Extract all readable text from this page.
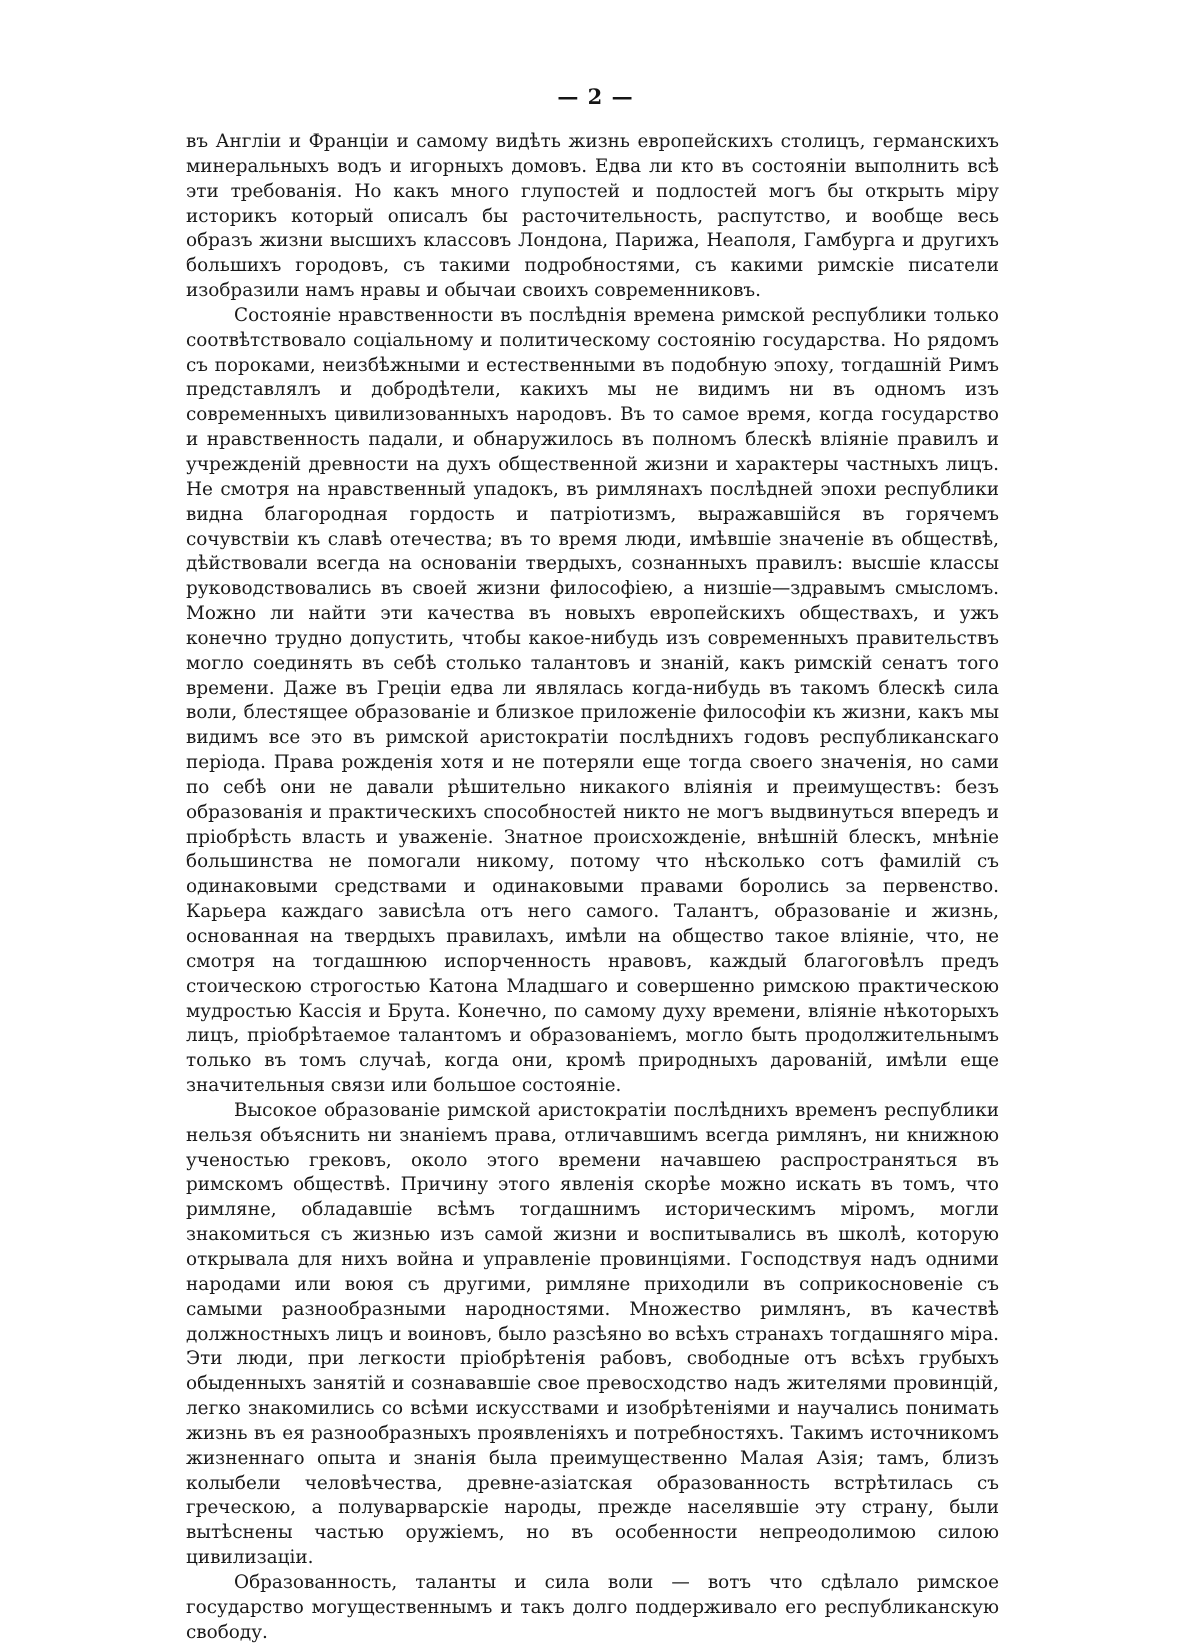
— 2 —

въ Англіи и Франціи и самому видѣть жизнь европейскихъ столицъ, германскихъ минеральныхъ водъ и игорныхъ домовъ. Едва ли кто въ состояніи выполнить всѣ эти требованія. Но какъ много глупостей и подлостей могъ бы открыть міру историкъ который описалъ бы расточительность, распутство, и вообще весь образъ жизни высшихъ классовъ Лондона, Парижа, Неаполя, Гамбурга и другихъ большихъ городовъ, съ такими подробностями, съ какими римскіе писатели изобразили намъ нравы и обычаи своихъ современниковъ.

Состояніе нравственности въ послѣднія времена римской республики только соотвѣтствовало соціальному и политическому состоянію государства. Но рядомъ съ пороками, неизбѣжными и естественными въ подобную эпоху, тогдашній Римъ представлялъ и добродѣтели, какихъ мы не видимъ ни въ одномъ изъ современныхъ цивилизованныхъ народовъ. Въ то самое время, когда государство и нравственность падали, и обнаружилось въ полномъ блескѣ вліяніе правилъ и учрежденій древности на духъ общественной жизни и характеры частныхъ лицъ. Не смотря на нравственный упадокъ, въ римлянахъ послѣдней эпохи республики видна благородная гордость и патріотизмъ, выражавшійся въ горячемъ сочувствіи къ славѣ отечества; въ то время люди, имѣвшіе значеніе въ обществѣ, дѣйствовали всегда на основаніи твердыхъ, сознанныхъ правилъ: высшіе классы руководствовались въ своей жизни философіею, а низшіе—здравымъ смысломъ. Можно ли найти эти качества въ новыхъ европейскихъ обществахъ, и ужъ конечно трудно допустить, чтобы какое-нибудь изъ современныхъ правительствъ могло соединять въ себѣ столько талантовъ и знаній, какъ римскій сенатъ того времени. Даже въ Греціи едва ли являлась когда-нибудь въ такомъ блескѣ сила воли, блестящее образованіе и близкое приложеніе философіи къ жизни, какъ мы видимъ все это въ римской аристократіи послѣднихъ годовъ республиканскаго періода. Права рожденія хотя и не потеряли еще тогда своего значенія, но сами по себѣ они не давали рѣшительно никакого вліянія и преимуществъ: безъ образованія и практическихъ способностей никто не могъ выдвинуться впередъ и пріобрѣсть власть и уваженіе. Знатное происхожденіе, внѣшній блескъ, мнѣніе большинства не помогали никому, потому что нѣсколько сотъ фамилій съ одинаковыми средствами и одинаковыми правами боролись за первенство. Карьера каждаго зависѣла отъ него самого. Талантъ, образованіе и жизнь, основанная на твердыхъ правилахъ, имѣли на общество такое вліяніе, что, не смотря на тогдашнюю испорченность нравовъ, каждый благоговѣлъ предъ стоическою строгостью Катона Младшаго и совершенно римскою практическою мудростью Кассія и Брута. Конечно, по самому духу времени, вліяніе нѣкоторыхъ лицъ, пріобрѣтаемое талантомъ и образованіемъ, могло быть продолжительнымъ только въ томъ случаѣ, когда они, кромѣ природныхъ дарованій, имѣли еще значительныя связи или большое состояніе.

Высокое образованіе римской аристократіи послѣднихъ временъ республики нельзя объяснить ни знаніемъ права, отличавшимъ всегда римлянъ, ни книжною ученостью грековъ, около этого времени начавшею распространяться въ римскомъ обществѣ. Причину этого явленія скорѣе можно искать въ томъ, что римляне, обладавшіе всѣмъ тогдашнимъ историческимъ міромъ, могли знакомиться съ жизнью изъ самой жизни и воспитывались въ школѣ, которую открывала для нихъ война и управленіе провинціями. Господствуя надъ одними народами или воюя съ другими, римляне приходили въ соприкосновеніе съ самыми разнообразными народностями. Множество римлянъ, въ качествѣ должностныхъ лицъ и воиновъ, было разсѣяно во всѣхъ странахъ тогдашняго міра. Эти люди, при легкости пріобрѣтенія рабовъ, свободные отъ всѣхъ грубыхъ обыденныхъ занятій и сознававшіе свое превосходство надъ жителями провинцій, легко знакомились со всѣми искусствами и изобрѣтеніями и научались понимать жизнь въ ея разнообразныхъ проявленіяхъ и потребностяхъ. Такимъ источникомъ жизненнаго опыта и знанія была преимущественно Малая Азія; тамъ, близъ колыбели человѣчества, древне-азіатская образованность встрѣтилась съ греческою, а полуварварскіе народы, прежде населявшіе эту страну, были вытѣснены частью оружіемъ, но въ особенности непреодолимою силою цивилизаціи.

Образованность, таланты и сила воли — вотъ что сдѣлало римское государство могущественнымъ и такъ долго поддерживало его республиканскую свободу.
